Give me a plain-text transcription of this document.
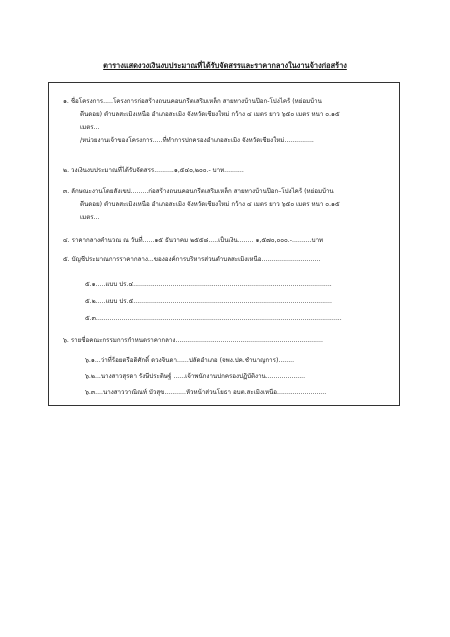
ตารางแสดงวงเงินงบประมาณที่ได้รับจัดสรรและราคากลางในงานจ้างก่อสร้าง
๑. ชื่อโครงการ.....โครงการก่อสร้างถนนคอนกรีตเสริมเหล็ก สายทางบ้านป๊อก-โปงไคร้ (หย่อมบ้าน
ตีนดอย) ตำบลสะเมิงเหนือ อำเภอสะเมิง จังหวัดเชียงใหม่ กว้าง ๔ เมตร ยาว ๖๕๐ เมตร หนา ๐.๑๕
เมตร...
/หน่วยงานเจ้าของโครงการ.....ที่ทำการปกครองอำเภอสะเมิง จังหวัดเชียงใหม่...............
๒. วงเงินงบประมาณที่ได้รับจัดสรร..........๑,๕๔๐,๒๐๐.- บาท..........
๓. ลักษณะงานโดยสังเขป.........ก่อสร้างถนนคอนกรีตเสริมเหล็ก สายทางบ้านป๊อก–โปงไคร้ (หย่อมบ้าน
ตีนดอย) ตำบลสะเมิงเหนือ อำเภอสะเมิง จังหวัดเชียงใหม่ กว้าง ๔ เมตร ยาว ๖๕๐ เมตร หนา ๐.๑๕
เมตร...
๔. ราคากลางคำนวณ ณ วันที่......๑๕ ธันวาคม ๒๕๕๘.....เป็นเงิน........ ๑,๕๗๐,๐๐๐.-..........บาท
๕. บัญชีประมาณการราคากลาง...ขององค์การบริหารส่วนตำบลสะเมิงเหนือ..............................
๕.๑.....แบบ ปร.๔.....................................................................................................
๕.๒.....แบบ ปร.๕.....................................................................................................
๕.๓.............................................................................................................................
๖. รายชื่อคณะกรรมการกำหนดราคากลาง...........................................................................
๖.๑...ว่าที่ร้อยตรีอดิศักดิ์ ดวงจินดา......ปลัดอำเภอ (จพง.ปค.ชำนาญการ)........
๖.๒...นางสาวสุรดา รังษีประดิษฐ์ ......เจ้าพนักงานปกครองปฏิบัติงาน....................
๖.๓....นางสาววาณิณท์ บัวสุข...........หัวหน้าส่วนโยธา อบต.สะเมิงเหนือ.........................
